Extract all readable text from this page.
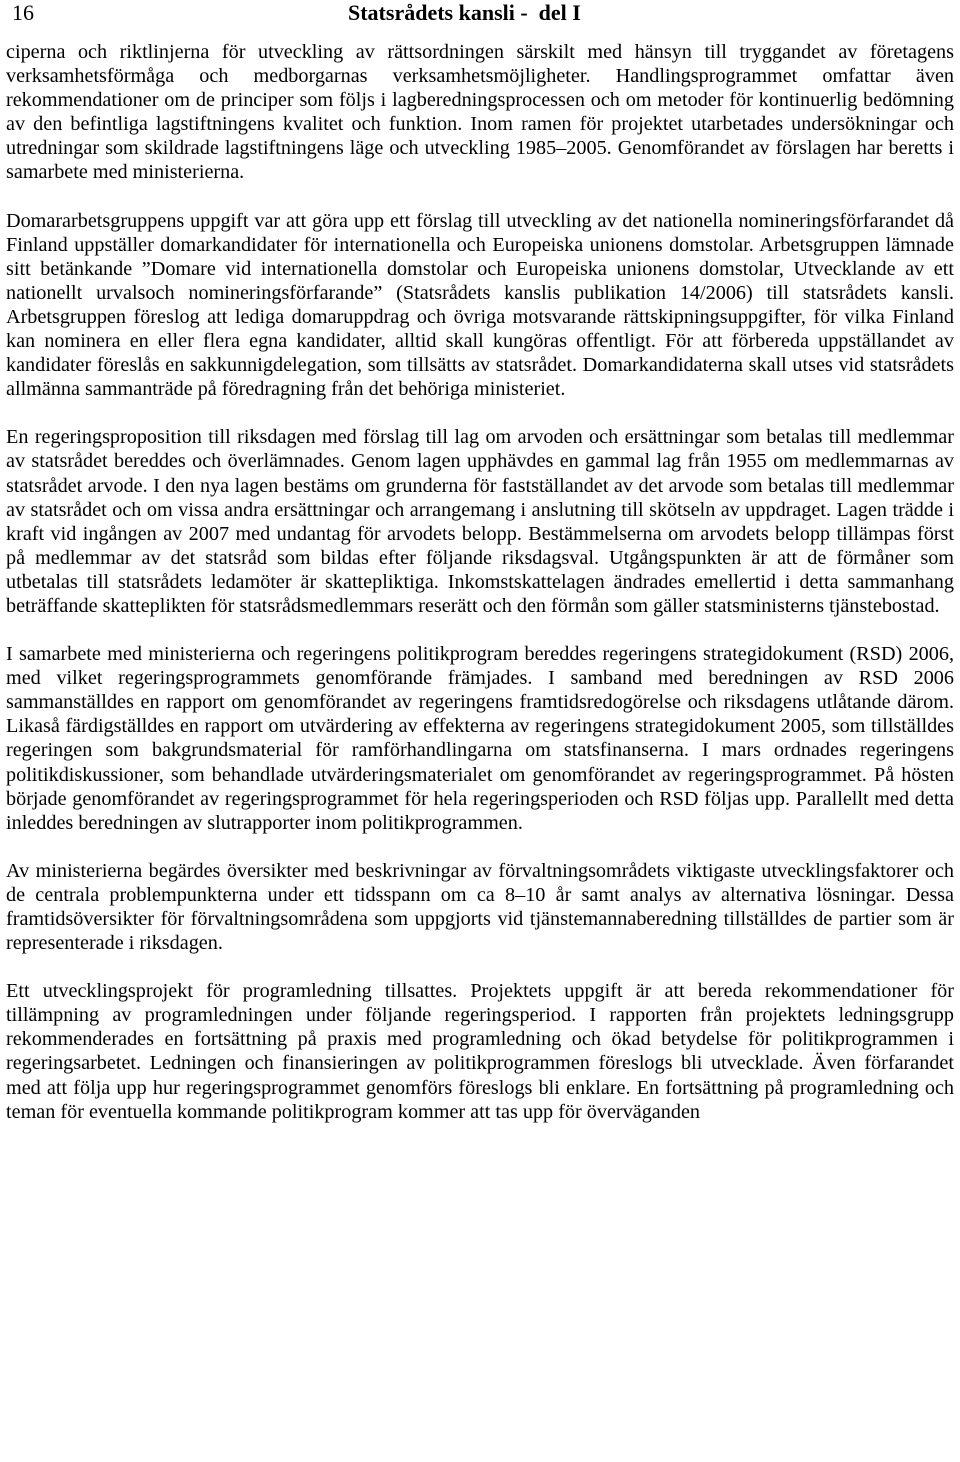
16	Statsrådets kansli -  del I

ciperna och riktlinjerna för utveckling av rättsordningen särskilt med hänsyn till tryggandet av företagens verksamhetsförmåga och medborgarnas verksamhetsmöjligheter. Handlingsprogrammet omfattar även rekommendationer om de principer som följs i lagberedningsprocessen och om metoder för kontinuerlig bedömning av den befintliga lagstiftningens kvalitet och funktion. Inom ramen för projektet utarbetades undersökningar och utredningar som skildrade lagstiftningens läge och utveckling 1985–2005. Genomförandet av förslagen har beretts i samarbete med ministerierna.

Domararbetsgruppens uppgift var att göra upp ett förslag till utveckling av det nationella nomineringsförfarandet då Finland uppställer domarkandidater för internationella och Europeiska unionens domstolar. Arbetsgruppen lämnade sitt betänkande ”Domare vid internationella domstolar och Europeiska unionens domstolar, Utvecklande av ett nationellt urvalsoch nomineringsförfarande” (Statsrådets kanslis publikation 14/2006) till statsrådets kansli. Arbetsgruppen föreslog att lediga domaruppdrag och övriga motsvarande rättskipningsuppgifter, för vilka Finland kan nominera en eller flera egna kandidater, alltid skall kungöras offentligt. För att förbereda uppställandet av kandidater föreslås en sakkunnigdelegation, som tillsätts av statsrådet. Domarkandidaterna skall utses vid statsrådets allmänna sammanträde på föredragning från det behöriga ministeriet.

En regeringsproposition till riksdagen med förslag till lag om arvoden och ersättningar som betalas till medlemmar av statsrådet bereddes och överlämnades. Genom lagen upphävdes en gammal lag från 1955 om medlemmarnas av statsrådet arvode. I den nya lagen bestäms om grunderna för fastställandet av det arvode som betalas till medlemmar av statsrådet och om vissa andra ersättningar och arrangemang i anslutning till skötseln av uppdraget. Lagen trädde i kraft vid ingången av 2007 med undantag för arvodets belopp. Bestämmelserna om arvodets belopp tillämpas först på medlemmar av det statsråd som bildas efter följande riksdagsval. Utgångspunkten är att de förmåner som utbetalas till statsrådets ledamöter är skattepliktiga. Inkomstskattelagen ändrades emellertid i detta sammanhang beträffande skatteplikten för statsrådsmedlemmars reserätt och den förmån som gäller statsministerns tjänstebostad.

I samarbete med ministerierna och regeringens politikprogram bereddes regeringens strategidokument (RSD) 2006, med vilket regeringsprogrammets genomförande främjades. I samband med beredningen av RSD 2006 sammanställdes en rapport om genomförandet av regeringens framtidsredogörelse och riksdagens utlåtande därom. Likaså färdigställdes en rapport om utvärdering av effekterna av regeringens strategidokument 2005, som tillställdes regeringen som bakgrundsmaterial för ramförhandlingarna om statsfinanserna. I mars ordnades regeringens politikdiskussioner, som behandlade utvärderingsmaterialet om genomförandet av regeringsprogrammet. På hösten började genomförandet av regeringsprogrammet för hela regeringsperioden och RSD följas upp. Parallellt med detta inleddes beredningen av slutrapporter inom politikprogrammen.

Av ministerierna begärdes översikter med beskrivningar av förvaltningsområdets viktigaste utvecklingsfaktorer och de centrala problempunkterna under ett tidsspann om ca 8–10 år samt analys av alternativa lösningar. Dessa framtidsöversikter för förvaltningsområdena som uppgjorts vid tjänstemannaberedning tillställdes de partier som är representerade i riksdagen.

Ett utvecklingsprojekt för programledning tillsattes. Projektets uppgift är att bereda rekommendationer för tillämpning av programledningen under följande regeringsperiod. I rapporten från projektets ledningsgrupp rekommenderades en fortsättning på praxis med programledning och ökad betydelse för politikprogrammen i regeringsarbetet. Ledningen och finansieringen av politikprogrammen föreslogs bli utvecklade. Även förfarandet med att följa upp hur regeringsprogrammet genomförs föreslogs bli enklare. En fortsättning på programledning och teman för eventuella kommande politikprogram kommer att tas upp för överväganden
